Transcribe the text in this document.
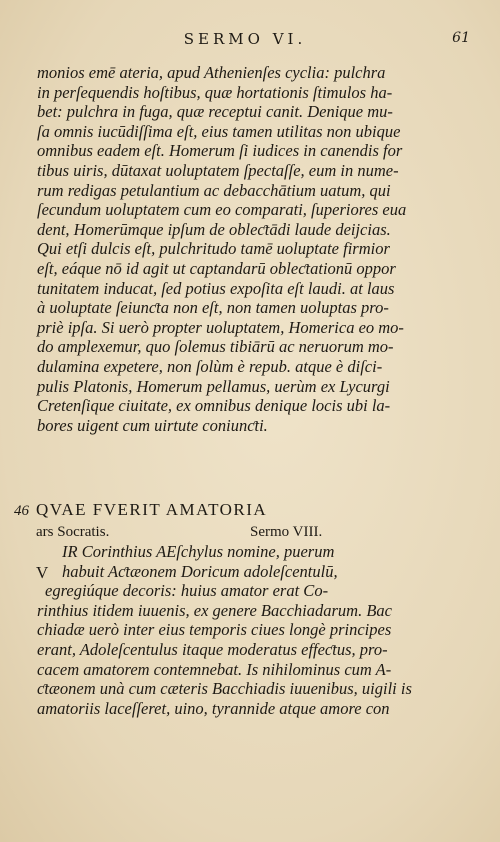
SERMO VI.	61
monios emē ateria, apud Athenienſes cyclia: pulchra
in perſequendis hoſtibus, quæ hortationis ſtimulos ha-
bet: pulchra in fuga, quæ receptui canit. Denique mu-
ſa omnis iucūdiſſima eſt, eius tamen utilitas non ubique
omnibus eadem eſt. Homerum ſi iudices in canendis for
tibus uiris, dūtaxat uoluptatem ſpectaſſe, eum in nume-
rum redigas petulantium ac debacchātium uatum, qui
ſecundum uoluptatem cum eo comparati, ſuperiores eua
dent, Homerūmque ipſum de obleƈtādi laude deijcias.
Qui etſi dulcis eſt, pulchritudo tamē uoluptate firmior
eſt, eáque nō id agit ut captandarū obleƈtationū oppor
tunitatem inducat, ſed potius expoſita eſt laudi. at laus
à uoluptate ſeiunƈta non eſt, non tamen uoluptas pro-
priè ipſa. Si uerò propter uoluptatem, Homerica eo mo-
do amplexemur, quo ſolemus tibiārū ac neruorum mo-
dulamina expetere, non ſolùm è repub. atque è diſci-
pulis Platonis, Homerum pellamus, uerùm ex Lycurgi
Cretenſique ciuitate, ex omnibus denique locis ubi la-
bores uigent cum uirtute coniunƈti.
46 QVAE FVERIT AMATORIA
ars Socratis.	Sermo VIII.
V
IR Corinthius AEſchylus nomine, puerum
habuit Aƈtæonem Doricum adoleſcentulū,
egregiúque decoris: huius amator erat Co-
rinthius itidem iuuenis, ex genere Bacchiadarum. Bac
chiadæ uerò inter eius temporis ciues longè principes
erant, Adoleſcentulus itaque moderatus effeƈtus, pro-
cacem amatorem contemnebat. Is nihilominus cum A-
ƈtæonem unà cum cæteris Bacchiadis iuuenibus, uigili is
amatoriis laceſſeret, uino, tyrannide atque amore con
